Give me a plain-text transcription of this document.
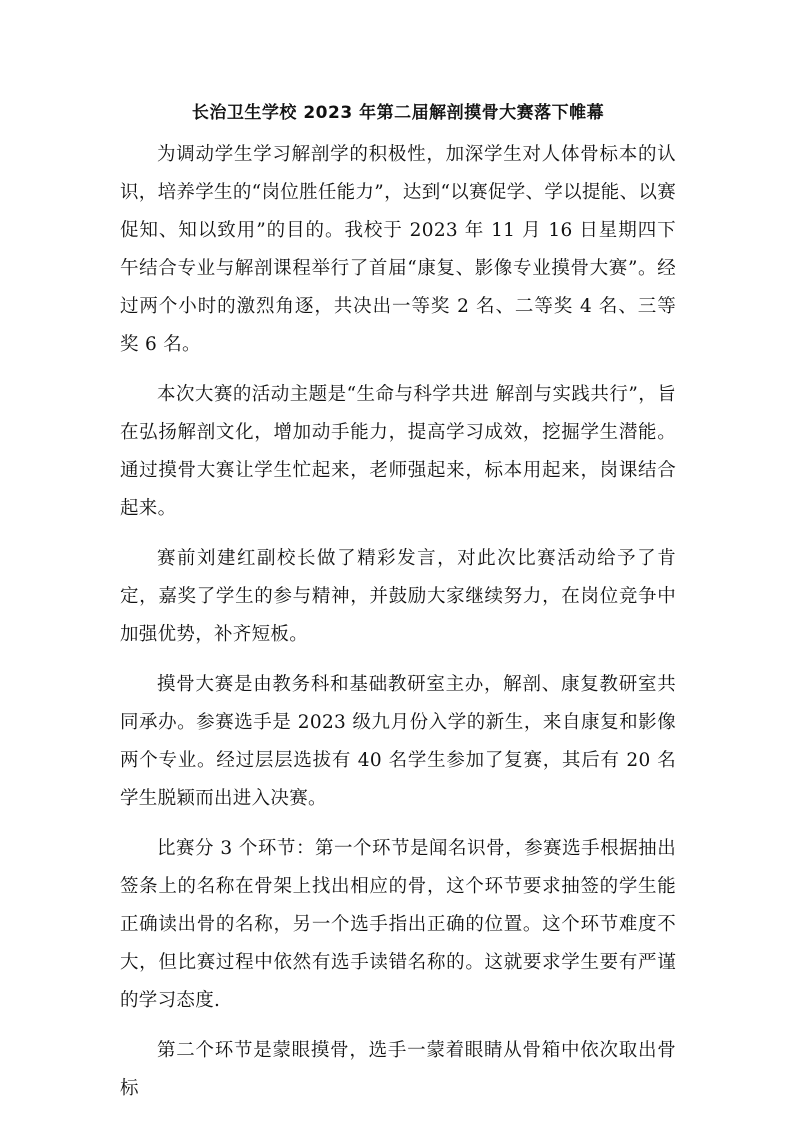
长治卫生学校 2023 年第二届解剖摸骨大赛落下帷幕

为调动学生学习解剖学的积极性，加深学生对人体骨标本的认识，培养学生的“岗位胜任能力”，达到“以赛促学、学以提能、以赛促知、知以致用”的目的。我校于 2023 年 11 月 16 日星期四下午结合专业与解剖课程举行了首届“康复、影像专业摸骨大赛”。经过两个小时的激烈角逐，共决出一等奖 2 名、二等奖 4 名、三等奖 6 名。

本次大赛的活动主题是“生命与科学共进 解剖与实践共行”，旨在弘扬解剖文化，增加动手能力，提高学习成效，挖掘学生潜能。通过摸骨大赛让学生忙起来，老师强起来，标本用起来，岗课结合起来。

赛前刘建红副校长做了精彩发言，对此次比赛活动给予了肯定，嘉奖了学生的参与精神，并鼓励大家继续努力，在岗位竞争中加强优势，补齐短板。

摸骨大赛是由教务科和基础教研室主办，解剖、康复教研室共同承办。参赛选手是 2023 级九月份入学的新生，来自康复和影像两个专业。经过层层选拔有 40 名学生参加了复赛，其后有 20 名学生脱颖而出进入决赛。

比赛分 3 个环节：第一个环节是闻名识骨，参赛选手根据抽出签条上的名称在骨架上找出相应的骨，这个环节要求抽签的学生能正确读出骨的名称，另一个选手指出正确的位置。这个环节难度不大，但比赛过程中依然有选手读错名称的。这就要求学生要有严谨的学习态度.

第二个环节是蒙眼摸骨，选手一蒙着眼睛从骨箱中依次取出骨标
